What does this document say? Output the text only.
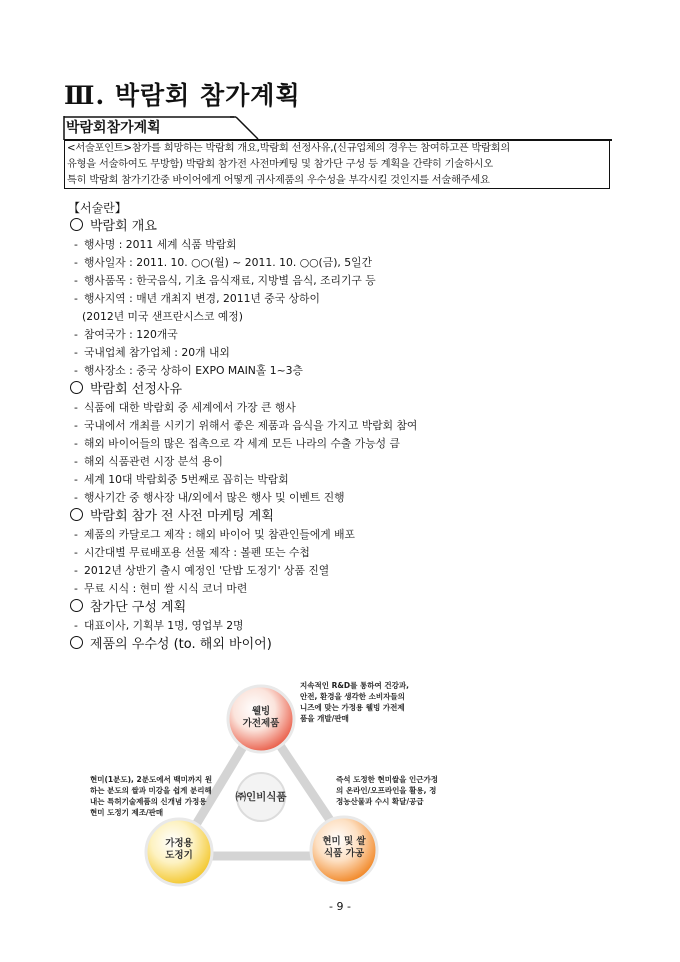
Ⅲ. 박람회 참가계획
박람회참가계획
<서술포인트>참가를 희망하는 박람회 개요,박람회 선정사유,(신규업체의 경우는 참여하고픈 박람회의
유형을 서술하여도 무방함) 박람회 참가전 사전마케팅 및 참가단 구성 등 계획을 간략히 기술하시오
특히 박람회 참가기간중 바이어에게 어떻게 귀사제품의 우수성을 부각시킬 것인지를 서술해주세요
【서술란】
박람회 개요
- 행사명 : 2011 세계 식품 박람회
- 행사일자 : 2011. 10. ○○(월) ~ 2011. 10. ○○(금), 5일간
- 행사품목 : 한국음식, 기초 음식재료, 지방별 음식, 조리기구 등
- 행사지역 : 매년 개최지 변경, 2011년 중국 상하이
(2012년 미국 샌프란시스코 예정)
- 참여국가 : 120개국
- 국내업체 참가업체 : 20개 내외
- 행사장소 : 중국 상하이 EXPO MAIN홀 1~3층
박람회 선정사유
- 식품에 대한 박람회 중 세계에서 가장 큰 행사
- 국내에서 개최를 시키기 위해서 좋은 제품과 음식을 가지고 박람회 참여
- 해외 바이어들의 많은 접촉으로 각 세계 모든 나라의 수출 가능성 큼
- 해외 식품관련 시장 분석 용이
- 세계 10대 박람회중 5번째로 꼽히는 박람회
- 행사기간 중 행사장 내/외에서 많은 행사 및 이벤트 진행
박람회 참가 전 사전 마케팅 계획
- 제품의 카달로그 제작 : 해외 바이어 및 참관인들에게 배포
- 시간대별 무료배포용 선물 제작 : 볼펜 또는 수첩
- 2012년 상반기 출시 예정인 '단밥 도정기' 상품 진열
- 무료 시식 : 현미 쌀 시식 코너 마련
참가단 구성 계획
- 대표이사, 기획부 1명, 영업부 2명
제품의 우수성 (to. 해외 바이어)
웰빙
가전제품
가정용
도정기
현미 및 쌀
식품 가공
㈜인비식품
지속적인 R&D를 통하여 건강과,
안전, 환경을 생각한 소비자들의
니즈에 맞는 가정용 웰빙 가전제
품을 개발/판매
현미(1분도), 2분도에서 백미까지 원
하는 분도의 쌀과 미강을 쉽게 분리해
내는 특허기술제품의 신개념 가정용
현미 도정기 제조/판매
즉석 도정한 현미쌀을 인근가정
의 온라인/오프라인을 활용, 정
정농산물과 수시 확달/공급
- 9 -
